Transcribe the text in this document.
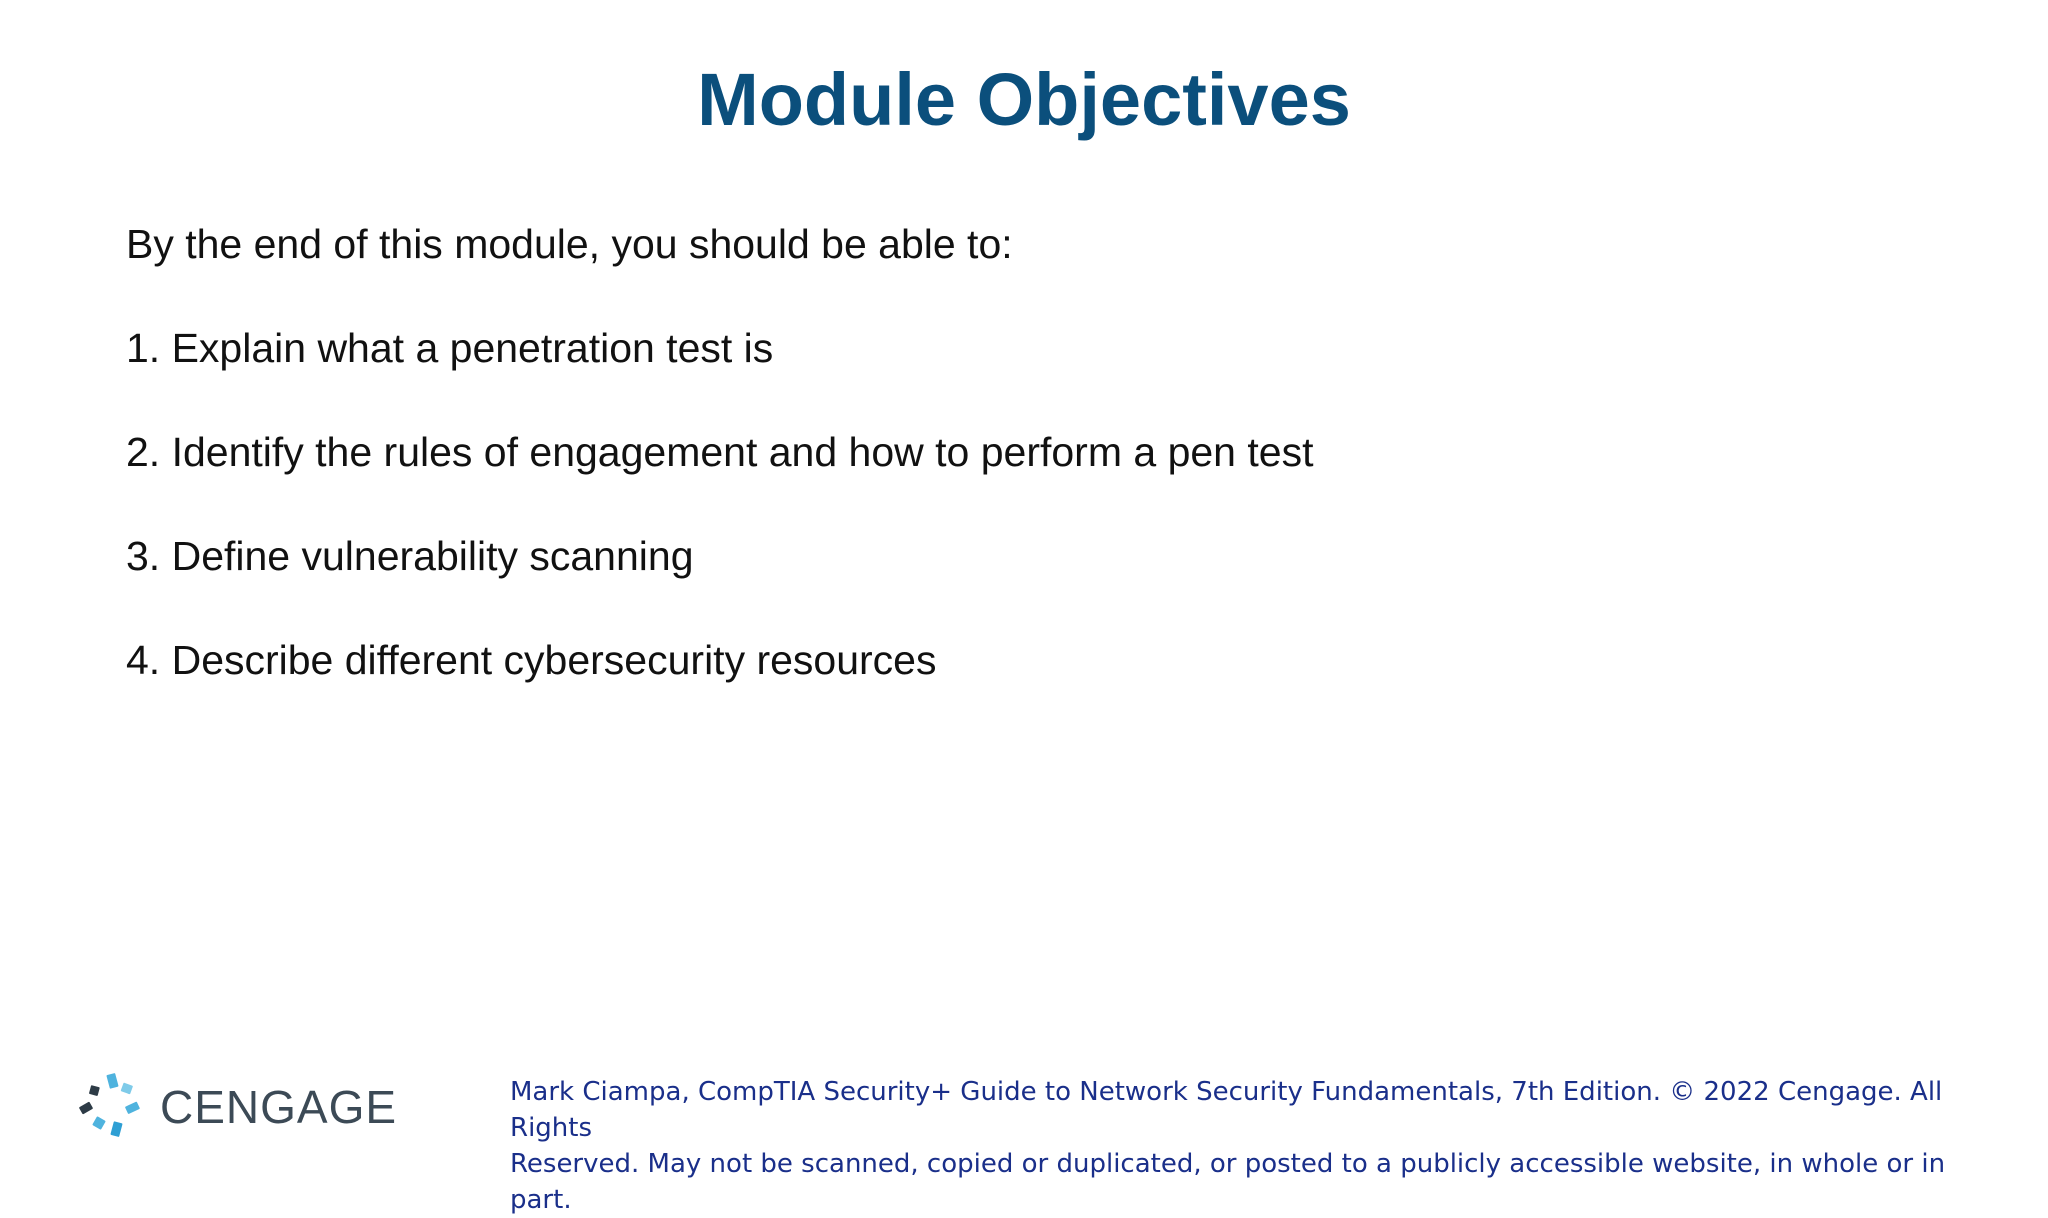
Module Objectives

By the end of this module, you should be able to:

1. Explain what a penetration test is

2. Identify the rules of engagement and how to perform a pen test

3. Define vulnerability scanning

4. Describe different cybersecurity resources

CENGAGE	Mark Ciampa, CompTIA Security+ Guide to Network Security Fundamentals, 7th Edition. © 2022 Cengage. All Rights
Reserved. May not be scanned, copied or duplicated, or posted to a publicly accessible website, in whole or in part.
